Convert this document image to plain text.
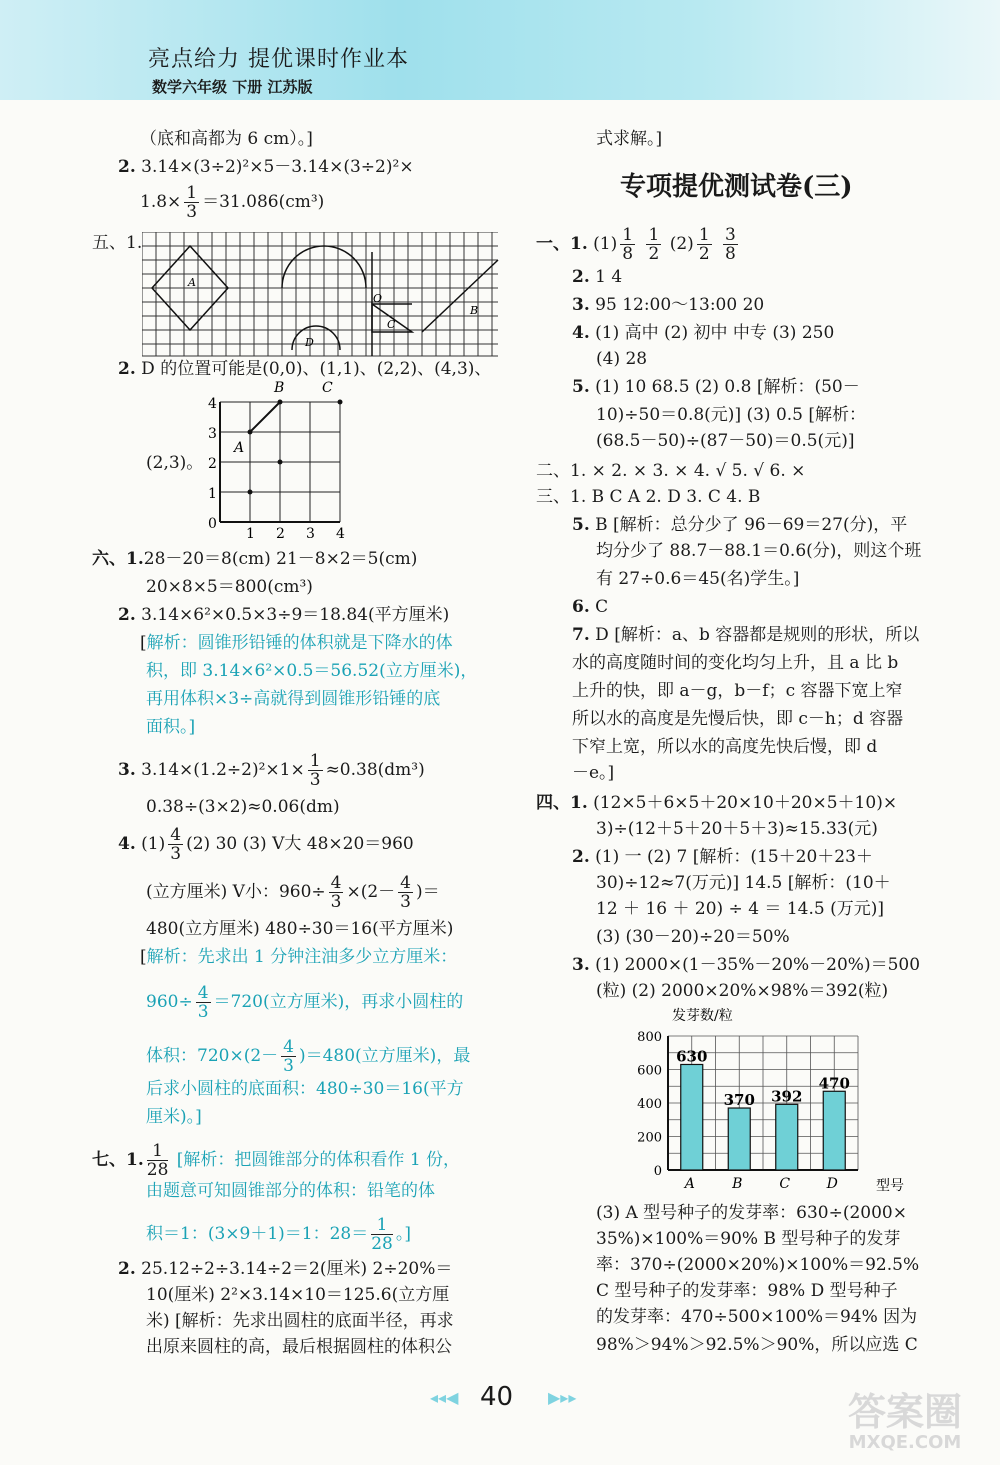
亮点给力 提优课时作业本
数学六年级 下册 江苏版
（底和高都为 6 cm）。]
2. 3.14×(3÷2)²×5－3.14×(3÷2)²×
$1.8\times \frac{1}{3} =31.086(cm^3)$
五、1.
A
B
C
D
O
2. D 的位置可能是(0,0)、(1,1)、(2,2)、(4,3)、
B	C
A
4
3
2
1
0
1 2 3 4
(2,3)。
六、1.28－20＝8(cm) 21－8×2＝5(cm)
20×8×5＝800(cm³)
2. 3.14×6²×0.5×3÷9＝18.84(平方厘米)
[解析：圆锥形铅锤的体积就是下降水的体
积，即 3.14×6²×0.5＝56.52(立方厘米)，
再用体积×3÷高就得到圆锥形铅锤的底
面积。]
3. $3.14\times(1.2\div 2)^2\times 1\times \frac{1}{3} \approx 0.38(dm^3)$
0.38÷(3×2)≈0.06(dm)
4. $(1) \frac{4}{3} (2)$ 30 (3) V大 48×20＝960
(立方厘米) V小：$960\div \frac{4}{3} \times(2- \frac{4}{3}$ )＝
480(立方厘米) 480÷30＝16(平方厘米)
[解析：先求出 1 分钟注油多少立方厘米：
$960\div \frac{4}{3} =720$(立方厘米)，再求小圆柱的
体积：$720\times(2- \frac{4}{3} )=480$(立方厘米)，最
后求小圆柱的底面积：480÷30＝16(平方
厘米)。]
七、1. $\frac{1}{28}$ [解析：把圆锥部分的体积看作 1 份，
由题意可知圆锥部分的体积：铅笔的体
积＝1：(3×9＋1)＝1：$28= \frac{1}{28}$ 。]
2. 25.12÷2÷3.14÷2＝2(厘米) 2÷20%＝
10(厘米) 2²×3.14×10＝125.6(立方厘
米) [解析：先求出圆柱的底面半径，再求
出原来圆柱的高，最后根据圆柱的体积公
式求解。]
专项提优测试卷(三)
一、1. $(1) \frac{1}{8}$
$\frac{1}{2} (2) \frac{1}{2}$
$\frac{3}{8}$
2. 1 4
3. 95 12:00～13:00 20
4. (1) 高中 (2) 初中 中专 (3) 250
(4) 28
5. (1) 10 68.5 (2) 0.8 [解析：(50－
10)÷50＝0.8(元)] (3) 0.5 [解析：
(68.5－50)÷(87－50)＝0.5(元)]
二、1. × 2. × 3. × 4. √ 5. √ 6. ×
三、1. B C A 2. D 3. C 4. B
5. B [解析：总分少了 96－69＝27(分)，平
均分少了 88.7－88.1＝0.6(分)，则这个班
有 27÷0.6＝45(名)学生。]
6. C
7. D [解析：a、b 容器都是规则的形状，所以
水的高度随时间的变化均匀上升，且 a 比 b
上升的快，即 a－g，b－f；c 容器下宽上窄
所以水的高度是先慢后快，即 c－h；d 容器
下窄上宽，所以水的高度先快后慢，即 d
－e。]
四、1. (12×5＋6×5＋20×10＋20×5＋10)×
3)÷(12＋5＋20＋5＋3)≈15.33(元)
2. (1) 一 (2) 7 [解析：(15＋20＋23＋
30)÷12≈7(万元)] 14.5 [解析：(10＋
12 ＋ 16 ＋ 20) ÷ 4 ＝ 14.5 (万元)]
(3) (30－20)÷20＝50%
3. (1) 2000×(1－35%－20%－20%)＝500
(粒) (2) 2000×20%×98%＝392(粒)
发芽数/粒
0
200
400
600
800
630
A
370
B
392
C
470
D	型号
(3) A 型号种子的发芽率：630÷(2000×
35%)×100%＝90% B 型号种子的发芽
率：370÷(2000×20%)×100%＝92.5%
C 型号种子的发芽率：98% D 型号种子
的发芽率：470÷500×100%＝94% 因为
98%＞94%＞92.5%＞90%，所以应选 C
◂◂◀ 40 ▶▸▸	答案圈
MXQE.COM
